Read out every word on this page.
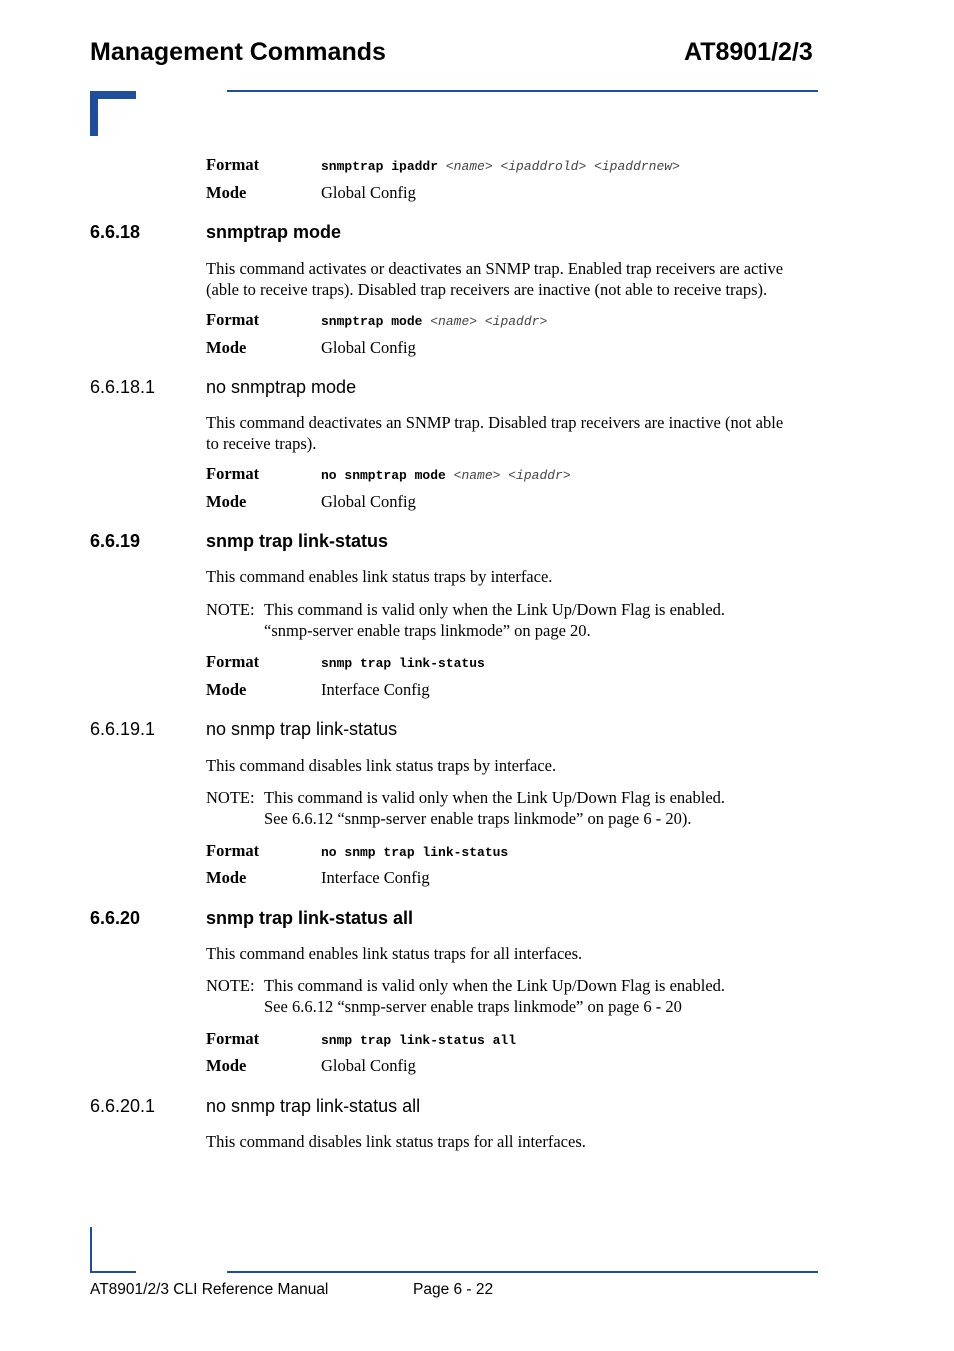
Management Commands	AT8901/2/3
Format	snmptrap ipaddr <name> <ipaddrold> <ipaddrnew>
Mode	Global Config
6.6.18	snmptrap mode
This command activates or deactivates an SNMP trap. Enabled trap receivers are active
(able to receive traps). Disabled trap receivers are inactive (not able to receive traps).
Format	snmptrap mode <name> <ipaddr>
Mode	Global Config
6.6.18.1	no snmptrap mode
This command deactivates an SNMP trap. Disabled trap receivers are inactive (not able
to receive traps).
Format	no snmptrap mode <name> <ipaddr>
Mode	Global Config
6.6.19	snmp trap link-status
This command enables link status traps by interface.
NOTE: This command is valid only when the Link Up/Down Flag is enabled.
“snmp-server enable traps linkmode” on page 20.
Format	snmp trap link-status
Mode	Interface Config
6.6.19.1	no snmp trap link-status
This command disables link status traps by interface.
NOTE: This command is valid only when the Link Up/Down Flag is enabled.
See 6.6.12 “snmp-server enable traps linkmode” on page 6 - 20).
Format	no snmp trap link-status
Mode	Interface Config
6.6.20	snmp trap link-status all
This command enables link status traps for all interfaces.
NOTE: This command is valid only when the Link Up/Down Flag is enabled.
See 6.6.12 “snmp-server enable traps linkmode” on page 6 - 20
Format	snmp trap link-status all
Mode	Global Config
6.6.20.1	no snmp trap link-status all
This command disables link status traps for all interfaces.
AT8901/2/3 CLI Reference Manual	Page 6 - 22
